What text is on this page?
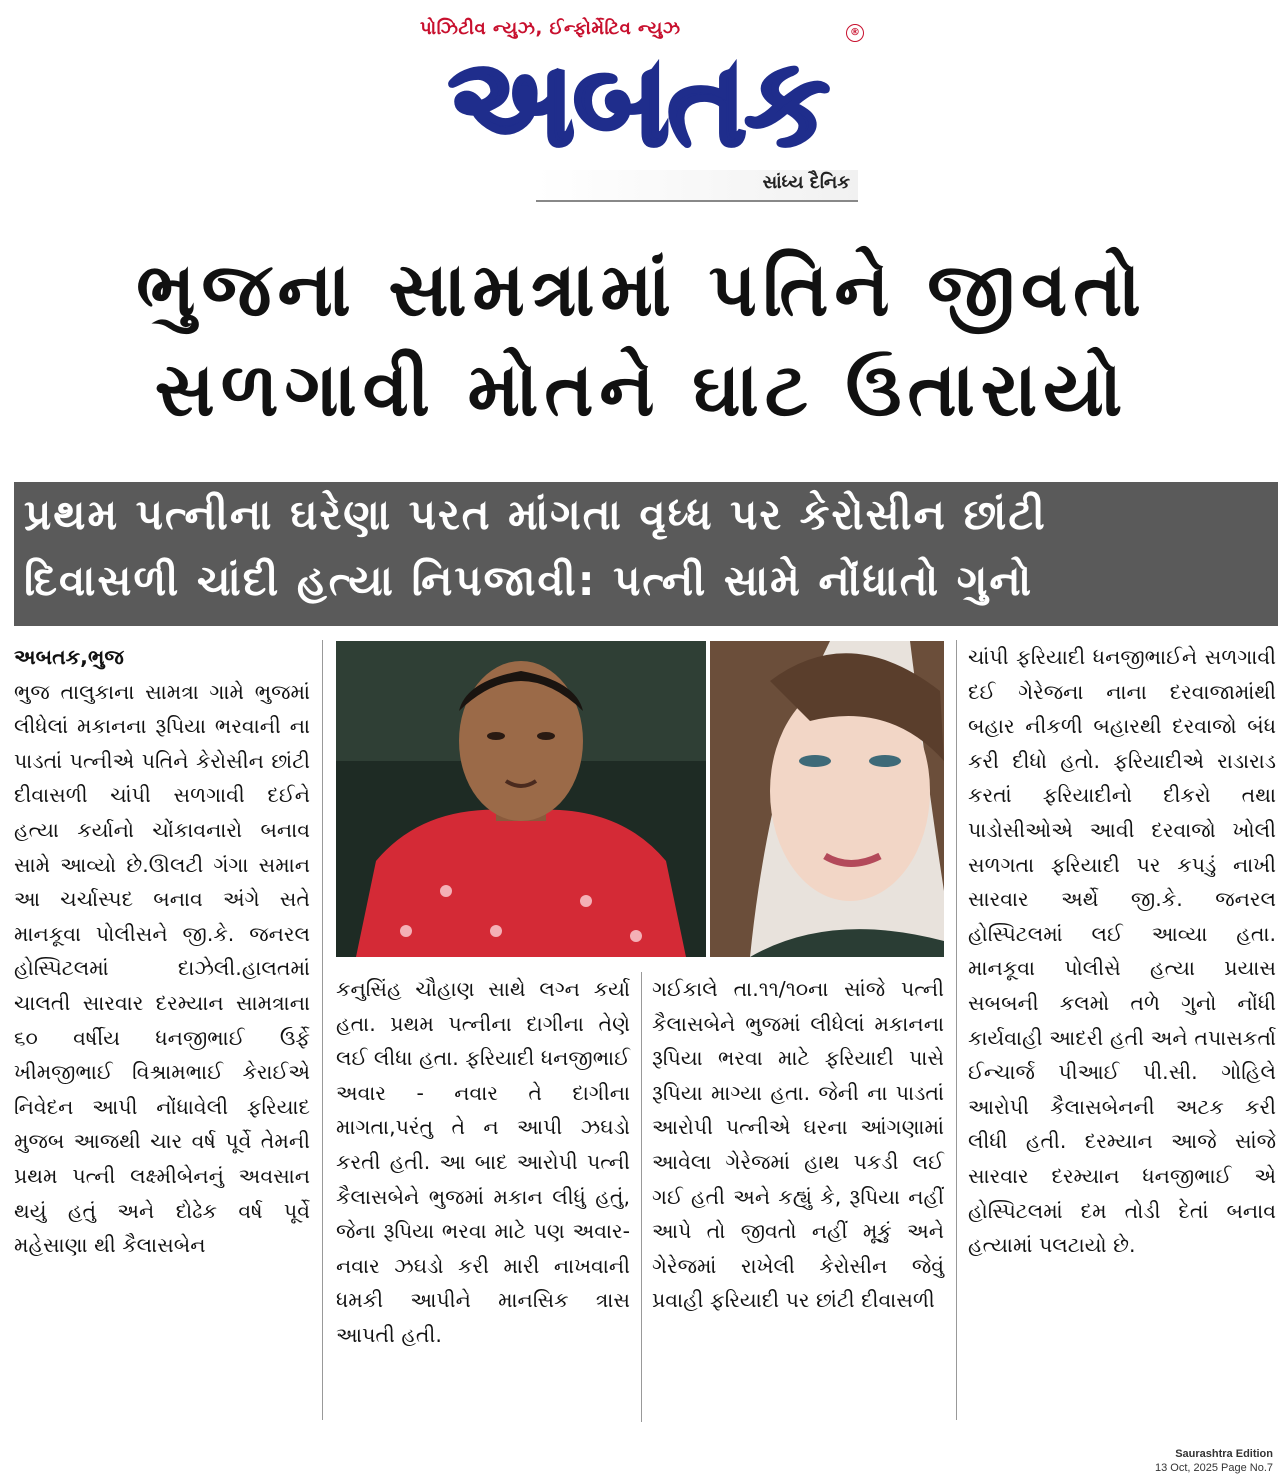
પોઝિટીવ ન્યુઝ, ઈન્ફોર્મેટિવ ન્યુઝ	®
અબતક
સાંધ્ય દૈનિક
ભુજના સામત્રામાં પતિને જીવતો
સળગાવી મોતને ઘાટ ઉતારાયો
પ્રથમ પત્નીના ઘરેણા પરત માંગતા વૃધ્ધ પર કેરોસીન છાંટી
દિવાસળી ચાંદી હત્યા નિપજાવી: પત્ની સામે નોંધાતો ગુનો

અબતક,ભુજ

ભુજ તાલુકાના સામત્રા ગામે ભુજમાં લીધેલાં મકાનના રૂપિયા ભરવાની ના પાડતાં પત્નીએ પતિને કેરોસીન છાંટી દીવાસળી ચાંપી સળગાવી દઈને હત્યા કર્યાનો ચોંકાવનારો બનાવ સામે આવ્યો છે.ઊલટી ગંગા સમાન આ ચર્ચાસ્પદ બનાવ અંગે સતે માનકૂવા પોલીસને જી.કે. જનરલ હોસ્પિટલમાં દાઝેલી.હાલતમાં ચાલતી સારવાર દરમ્યાન સામત્રાના ૬૦ વર્ષીય ધનજીભાઈ ઉર્ફે ખીમજીભાઈ વિશ્રામભાઈ કેરાઈએ નિવેદન આપી નોંધાવેલી ફરિયાદ મુજબ આજથી ચાર વર્ષ પૂર્વે તેમની પ્રથમ પત્ની લક્ષ્મીબેનનું અવસાન થયું હતું અને દોઢેક વર્ષ પૂર્વે મહેસાણા થી કૈલાસબેન

કનુસિંહ ચૌહાણ સાથે લગ્ન કર્યા હતા. પ્રથમ પત્નીના દાગીના તેણે લઈ લીધા હતા. ફરિયાદી ધનજીભાઈ અવાર - નવાર તે દાગીના માગતા,પરંતુ તે ન આપી ઝઘડો કરતી હતી. આ બાદ આરોપી પત્ની કૈલાસબેને ભુજમાં મકાન લીધું હતું, જેના રૂપિયા ભરવા માટે પણ અવાર- નવાર ઝઘડો કરી મારી નાખવાની ધમકી આપીને માનસિક ત્રાસ આપતી હતી.

ગઈકાલે તા.૧૧/૧૦ના સાંજે પત્ની કૈલાસબેને ભુજમાં લીધેલાં મકાનના રૂપિયા ભરવા માટે ફરિયાદી પાસે રૂપિયા માગ્યા હતા. જેની ના પાડતાં આરોપી પત્નીએ ઘરના આંગણામાં આવેલા ગેરેજમાં હાથ પકડી લઈ ગઈ હતી અને કહ્યું કે, રૂપિયા નહીં આપે તો જીવતો નહીં મૂકું અને ગેરેજમાં રાખેલી કેરોસીન જેવું પ્રવાહી ફરિયાદી પર છાંટી દીવાસળી

ચાંપી ફરિયાદી ધનજીભાઈને સળગાવી દઈ ગેરેજના નાના દરવાજામાંથી બહાર નીકળી બહારથી દરવાજો બંધ કરી દીધો હતો. ફરિયાદીએ રાડારાડ કરતાં ફરિયાદીનો દીકરો તથા પાડોસીઓએ આવી દરવાજો ખોલી સળગતા ફરિયાદી પર કપડું નાખી સારવાર અર્થે જી.કે. જનરલ હોસ્પિટલમાં લઈ આવ્યા હતા. માનકૂવા પોલીસે હત્યા પ્રયાસ સબબની કલમો તળે ગુનો નોંધી કાર્યવાહી આદરી હતી અને તપાસકર્તા ઈન્ચાર્જ પીઆઈ પી.સી. ગોહિલે આરોપી કૈલાસબેનની અટક કરી લીધી હતી. દરમ્યાન આજે સાંજે સારવાર દરમ્યાન ધનજીભાઈ એ હોસ્પિટલમાં દમ તોડી દેતાં બનાવ હત્યામાં પલટાયો છે.

Saurashtra Edition
13 Oct, 2025 Page No.7
